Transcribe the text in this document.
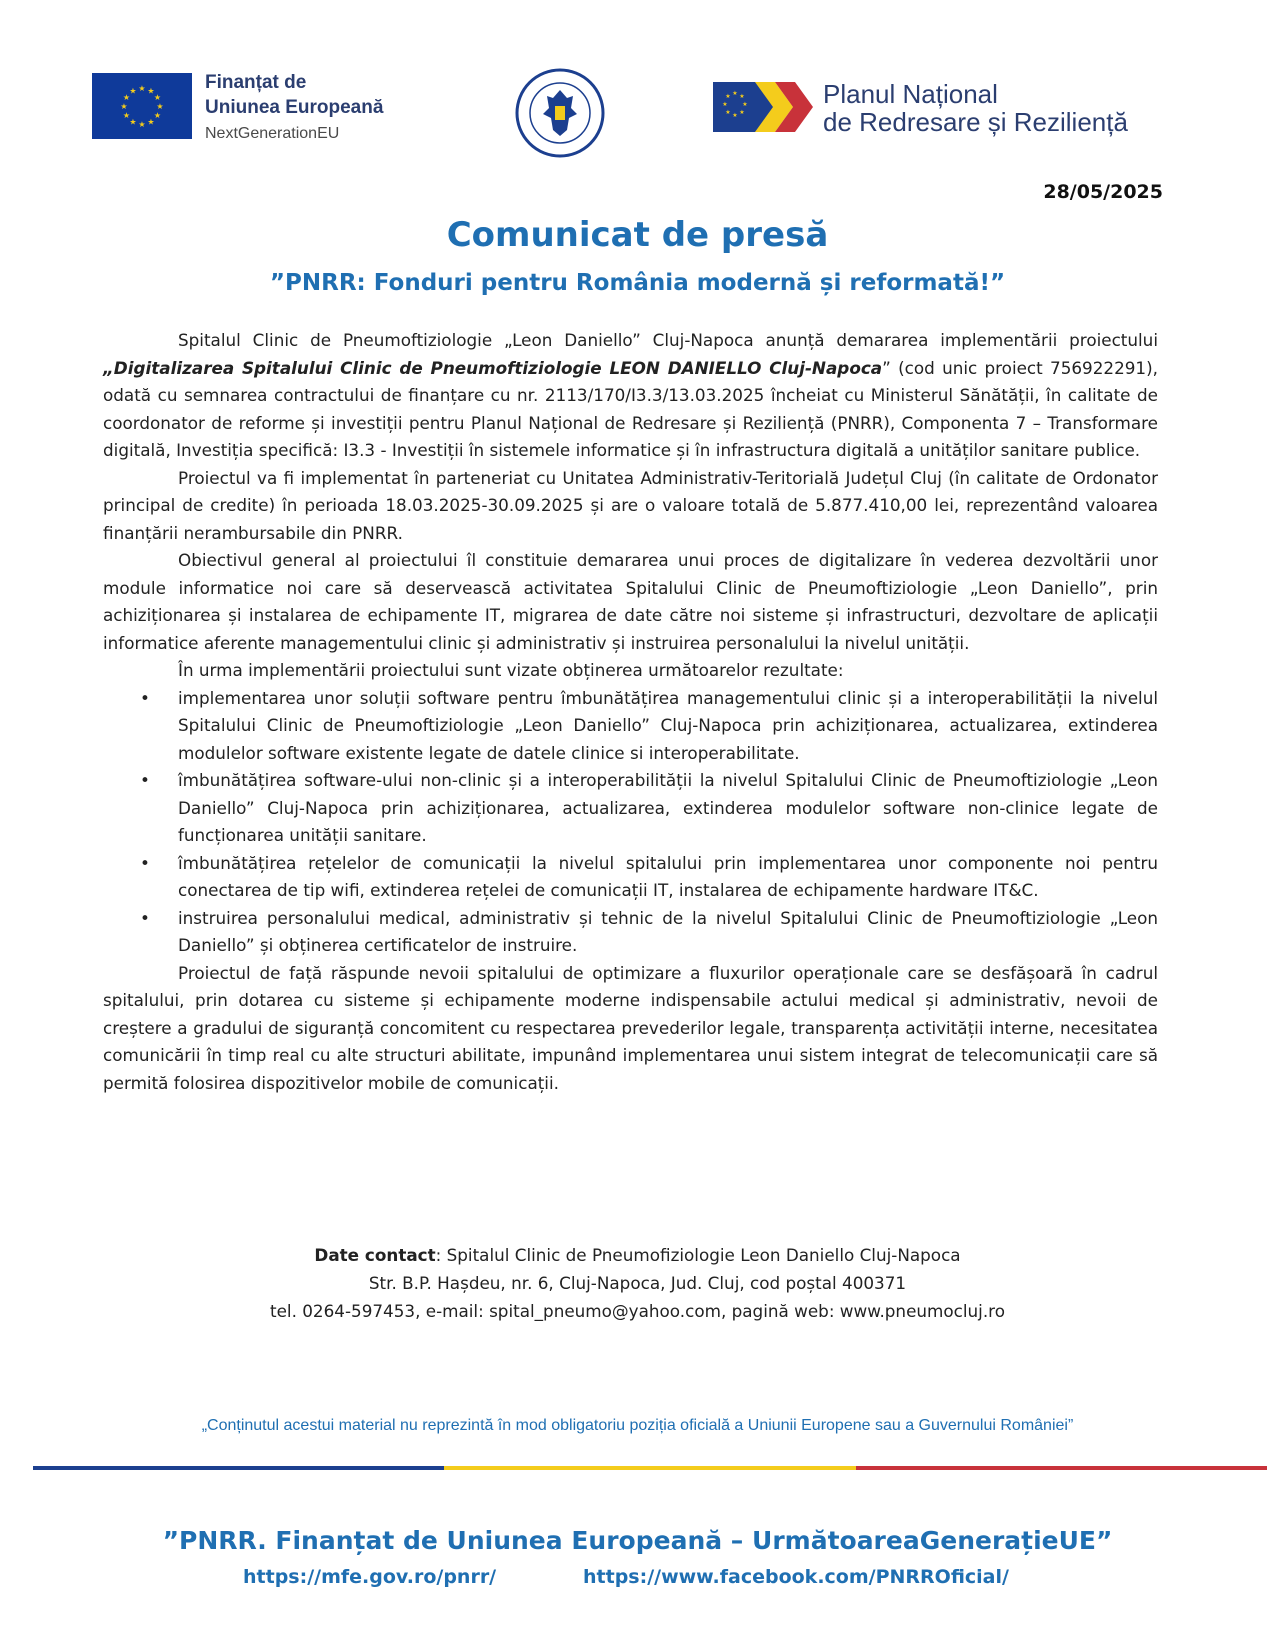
★ ★
★
★
★
★
★
★
★
★
★
★	Finanțat de
Uniunea Europeană
NextGenerationEU
★ ★
★
★
★
★
★
★	Planul Național
de Redresare și Reziliență
28/05/2025
Comunicat de presă
”PNRR: Fonduri pentru România modernă și reformată!”

Spitalul Clinic de Pneumoftiziologie „Leon Daniello” Cluj-Napoca anunță demararea implementării proiectului „Digitalizarea Spitalului Clinic de Pneumoftiziologie LEON DANIELLO Cluj-Napoca” (cod unic proiect 756922291), odată cu semnarea contractului de finanțare cu nr. 2113/170/I3.3/13.03.2025 încheiat cu Ministerul Sănătății, în calitate de coordonator de reforme și investiții pentru Planul Național de Redresare și Reziliență (PNRR), Componenta 7 – Transformare digitală, Investiția specifică: I3.3 - Investiții în sistemele informatice și în infrastructura digitală a unităților sanitare publice.

Proiectul va fi implementat în parteneriat cu Unitatea Administrativ-Teritorială Județul Cluj (în calitate de Ordonator principal de credite) în perioada 18.03.2025-30.09.2025 și are o valoare totală de 5.877.410,00 lei, reprezentând valoarea finanțării nerambursabile din PNRR.

Obiectivul general al proiectului îl constituie demararea unui proces de digitalizare în vederea dezvoltării unor module informatice noi care să deservească activitatea Spitalului Clinic de Pneumoftiziologie „Leon Daniello”, prin achiziționarea și instalarea de echipamente IT, migrarea de date către noi sisteme și infrastructuri, dezvoltare de aplicații informatice aferente managementului clinic și administrativ și instruirea personalului la nivelul unității.

În urma implementării proiectului sunt vizate obținerea următoarelor rezultate:

• implementarea unor soluții software pentru îmbunătățirea managementului clinic și a interoperabilității la nivelul Spitalului Clinic de Pneumoftiziologie „Leon Daniello” Cluj-Napoca prin achiziționarea, actualizarea, extinderea modulelor software existente legate de datele clinice si interoperabilitate.
• îmbunătățirea software-ului non-clinic și a interoperabilității la nivelul Spitalului Clinic de Pneumoftiziologie „Leon Daniello” Cluj-Napoca prin achiziționarea, actualizarea, extinderea modulelor software non-clinice legate de funcționarea unității sanitare.
• îmbunătățirea rețelelor de comunicații la nivelul spitalului prin implementarea unor componente noi pentru conectarea de tip wifi, extinderea rețelei de comunicații IT, instalarea de echipamente hardware IT&C.
• instruirea personalului medical, administrativ și tehnic de la nivelul Spitalului Clinic de Pneumoftiziologie „Leon Daniello” și obținerea certificatelor de instruire.

Proiectul de față răspunde nevoii spitalului de optimizare a fluxurilor operaționale care se desfășoară în cadrul spitalului, prin dotarea cu sisteme și echipamente moderne indispensabile actului medical și administrativ, nevoii de creștere a gradului de siguranță concomitent cu respectarea prevederilor legale, transparența activității interne, necesitatea comunicării în timp real cu alte structuri abilitate, impunând implementarea unui sistem integrat de telecomunicații care să permită folosirea dispozitivelor mobile de comunicații.

Date contact: Spitalul Clinic de Pneumofiziologie Leon Daniello Cluj-Napoca
Str. B.P. Hașdeu, nr. 6, Cluj-Napoca, Jud. Cluj, cod poștal 400371
tel. 0264-597453, e-mail: spital_pneumo@yahoo.com, pagină web: www.pneumocluj.ro
„Conținutul acestui material nu reprezintă în mod obligatoriu poziția oficială a Uniunii Europene sau a Guvernului României”
”PNRR. Finanțat de Uniunea Europeană – UrmătoareaGenerațieUE”
https://mfe.gov.ro/pnrr/	https://www.facebook.com/PNRROficial/
